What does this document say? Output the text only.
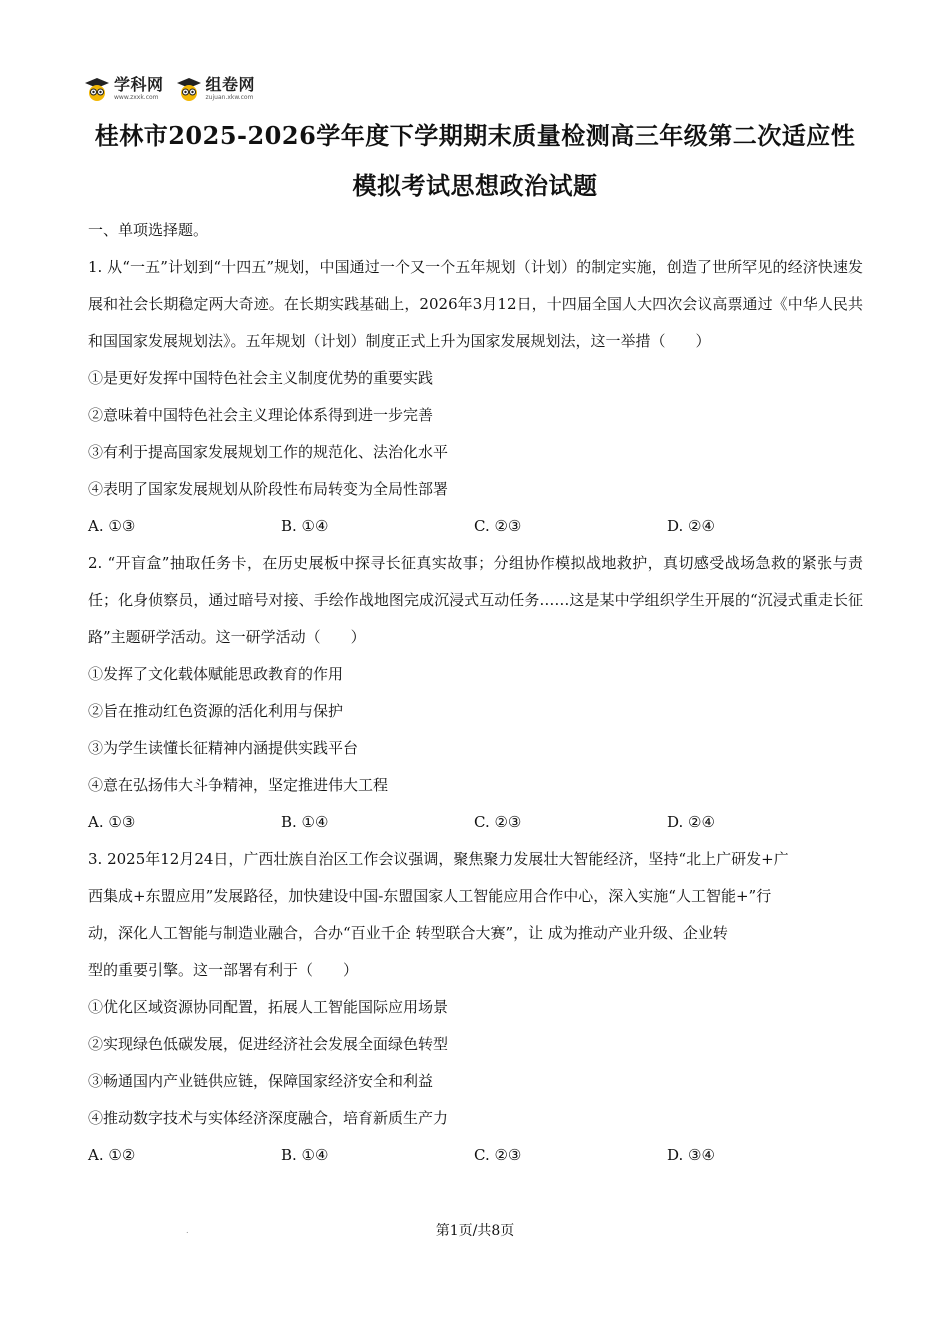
学科网
www.zxxk.com
组卷网
zujuan.xkw.com
桂林市2025-2026学年度下学期期末质量检测高三年级第二次适应性
模拟考试思想政治试题
一、单项选择题。
1. 从“一五”计划到“十四五”规划，中国通过一个又一个五年规划（计划）的制定实施，创造了世所罕见的经济快速发展和社会长期稳定两大奇迹。在长期实践基础上，2026年3月12日，十四届全国人大四次会议高票通过《中华人民共和国国家发展规划法》。五年规划（计划）制度正式上升为国家发展规划法，这一举措（　　）
①是更好发挥中国特色社会主义制度优势的重要实践
②意味着中国特色社会主义理论体系得到进一步完善
③有利于提高国家发展规划工作的规范化、法治化水平
④表明了国家发展规划从阶段性布局转变为全局性部署
A. ①③	B. ①④	C. ②③	D. ②④
2. “开盲盒”抽取任务卡，在历史展板中探寻长征真实故事；分组协作模拟战地救护，真切感受战场急救的紧张与责任；化身侦察员，通过暗号对接、手绘作战地图完成沉浸式互动任务……这是某中学组织学生开展的“沉浸式重走长征路”主题研学活动。这一研学活动（　　）
①发挥了文化载体赋能思政教育的作用
②旨在推动红色资源的活化利用与保护
③为学生读懂长征精神内涵提供实践平台
④意在弘扬伟大斗争精神，坚定推进伟大工程
A. ①③	B. ①④	C. ②③	D. ②④
3. 2025年12月24日，广西壮族自治区工作会议强调，聚焦聚力发展壮大智能经济，坚持“北上广研发+广
西集成+东盟应用”发展路径，加快建设中国-东盟国家人工智能应用合作中心，深入实施“人工智能+”行
动，深化人工智能与制造业融合，合办“百业千企 转型联合大赛”，让 成为推动产业升级、企业转
型的重要引擎。这一部署有利于（　　）
①优化区域资源协同配置，拓展人工智能国际应用场景
②实现绿色低碳发展，促进经济社会发展全面绿色转型
③畅通国内产业链供应链，保障国家经济安全和利益
④推动数字技术与实体经济深度融合，培育新质生产力
A. ①②	B. ①④	C. ②③	D. ③④
.	第1页/共8页
